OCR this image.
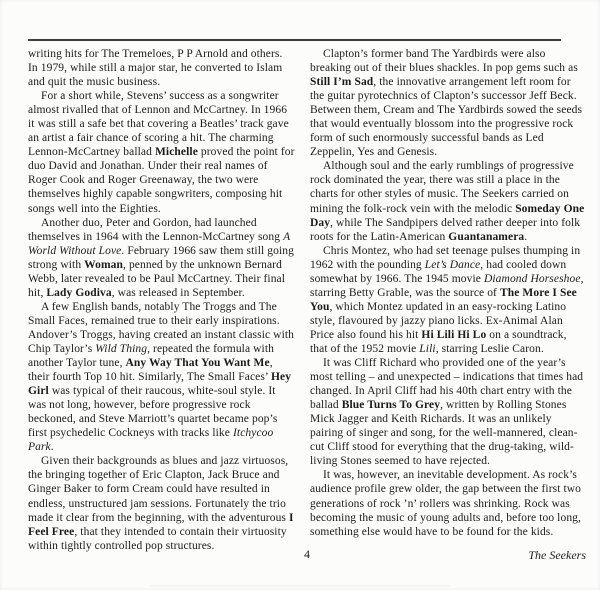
writing hits for The Tremeloes, P P Arnold and others. In 1979, while still a major star, he converted to Islam and quit the music business.

For a short while, Stevens’ success as a songwriter almost rivalled that of Lennon and McCartney. In 1966 it was still a safe bet that covering a Beatles’ track gave an artist a fair chance of scoring a hit. The charming Lennon-McCartney ballad Michelle proved the point for duo David and Jonathan. Under their real names of Roger Cook and Roger Greenaway, the two were themselves highly capable songwriters, composing hit songs well into the Eighties.

Another duo, Peter and Gordon, had launched themselves in 1964 with the Lennon-McCartney song A World Without Love. February 1966 saw them still going strong with Woman, penned by the unknown Bernard Webb, later revealed to be Paul McCartney. Their final hit, Lady Godiva, was released in September.

A few English bands, notably The Troggs and The Small Faces, remained true to their early inspirations. Andover’s Troggs, having created an instant classic with Chip Taylor’s Wild Thing, repeated the formula with another Taylor tune, Any Way That You Want Me, their fourth Top 10 hit. Similarly, The Small Faces’ Hey Girl was typical of their raucous, white-soul style. It was not long, however, before progressive rock beckoned, and Steve Marriott’s quartet became pop’s first psychedelic Cockneys with tracks like Itchycoo Park.

Given their backgrounds as blues and jazz virtuosos, the bringing together of Eric Clapton, Jack Bruce and Ginger Baker to form Cream could have resulted in endless, unstructured jam sessions. Fortunately the trio made it clear from the beginning, with the adventurous I Feel Free, that they intended to contain their virtuosity within tightly controlled pop structures.

Clapton’s former band The Yardbirds were also breaking out of their blues shackles. In pop gems such as Still I’m Sad, the innovative arrangement left room for the guitar pyrotechnics of Clapton’s successor Jeff Beck. Between them, Cream and The Yardbirds sowed the seeds that would eventually blossom into the progressive rock form of such enormously successful bands as Led Zeppelin, Yes and Genesis.

Although soul and the early rumblings of progressive rock dominated the year, there was still a place in the charts for other styles of music. The Seekers carried on mining the folk-rock vein with the melodic Someday One Day, while The Sandpipers delved rather deeper into folk roots for the Latin-American Guantanamera.

Chris Montez, who had set teenage pulses thumping in 1962 with the pounding Let’s Dance, had cooled down somewhat by 1966. The 1945 movie Diamond Horseshoe, starring Betty Grable, was the source of The More I See You, which Montez updated in an easy-rocking Latino style, flavoured by jazzy piano licks. Ex-Animal Alan Price also found his hit Hi Lili Hi Lo on a soundtrack, that of the 1952 movie Lili, starring Leslie Caron.

It was Cliff Richard who provided one of the year’s most telling – and unexpected – indications that times had changed. In April Cliff had his 40th chart entry with the ballad Blue Turns To Grey, written by Rolling Stones Mick Jagger and Keith Richards. It was an unlikely pairing of singer and song, for the well-mannered, clean-cut Cliff stood for everything that the drug-taking, wild-living Stones seemed to have rejected.

It was, however, an inevitable development. As rock’s audience profile grew older, the gap between the first two generations of rock ’n’ rollers was shrinking. Rock was becoming the music of young adults and, before too long, something else would have to be found for the kids.

4	The Seekers
